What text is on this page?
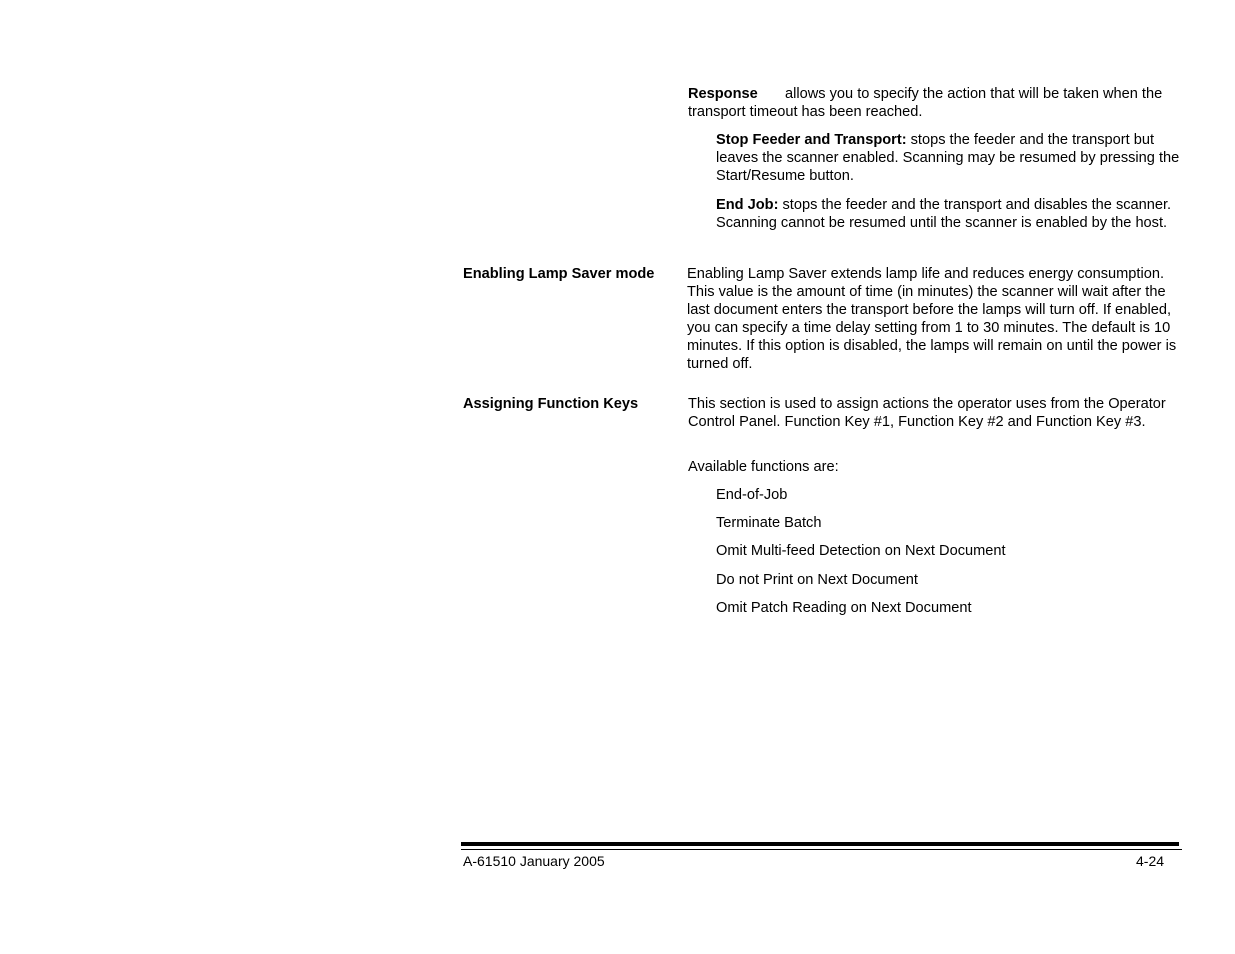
Response allows you to specify the action that will be taken when the transport timeout has been reached.

Stop Feeder and Transport: stops the feeder and the transport but leaves the scanner enabled. Scanning may be resumed by pressing the Start/Resume button.

End Job: stops the feeder and the transport and disables the scanner. Scanning cannot be resumed until the scanner is enabled by the host.

Enabling Lamp Saver mode	Enabling Lamp Saver extends lamp life and reduces energy consumption. This value is the amount of time (in minutes) the scanner will wait after the last document enters the transport before the lamps will turn off. If enabled, you can specify a time delay setting from 1 to 30 minutes. The default is 10 minutes. If this option is disabled, the lamps will remain on until the power is turned off.

Assigning Function Keys	This section is used to assign actions the operator uses from the Operator Control Panel. Function Key #1, Function Key #2 and Function Key #3.

Available functions are:

End-of-Job
Terminate Batch
Omit Multi-feed Detection on Next Document
Do not Print on Next Document
Omit Patch Reading on Next Document
A-61510 January 2005	4-24
